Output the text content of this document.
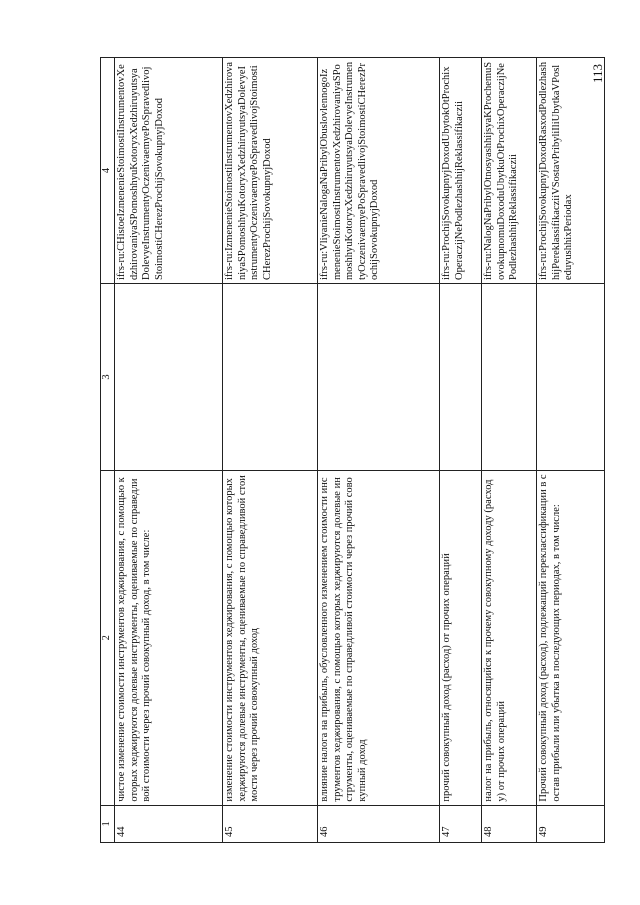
1	2	3	4
44	чистое изменение стоимости инструментов хеджирования, с помощью которых хеджируются долевые инструменты, оцениваемые по справедливой стоимости через прочий совокупный доход, в том числе:		ifrs-ru:CHistoeIzmenenieStoimostiInstrumentovXedzhirovaniyaSPomoshhyuKotoryxXedzhiruyutsyaDolevyeInstrumentyOczenivaemyePoSpravedlivojStoimostiCHerezProchijSovokupnyjDoxod
45	изменение стоимости инструментов хеджирования, с помощью которых хеджируются долевые инструменты, оцениваемые по справедливой стоимости через прочий совокупный доход		ifrs-ru:IzmenenieStoimostiInstrumentovXedzhirovaniyaSPomoshhyuKotoryxXedzhiruyutsyaDolevyeInstrumentyOczenivaemyePoSpravedlivojStoimostiCHerezProchijSovokupnyjDoxod
46	влияние налога на прибыль, обусловленного изменением стоимости инструментов хеджирования, с помощью которых хеджируются долевые инструменты, оцениваемые по справедливой стоимости через прочий совокупный доход		ifrs-ru:VliyanieNalogaNaPribylObuslovlennogoIzmenenieStoimostiInstrumentovXedzhirovaniyaSPomoshhyuKotoryxXedzhiruyutsyaDolevyeInstrumentyOczenivaemyePoSpravedlivojStoimostiCHerezProchijSovokupnyjDoxod
47	прочий совокупный доход (расход) от прочих операций		ifrs-ru:ProchijSovokupnyjDoxodUbytokOtProchixOperaczijNePodlezhashhijReklassifikaczii
48	налог на прибыль, относящийся к прочему совокупному доходу (расходу) от прочих операций		ifrs-ru:NalogNaPribylOtnosyashhijsyaKProchemuSovokupnomuDoxoduUbytkuOtProchixOperaczijNePodlezhashhijReklassifikaczii
49	Прочий совокупный доход (расход), подлежащий переклассификации в состав прибыли или убытка в последующих периодах, в том числе:		ifrs-ru:ProchijSovokupnyjDoxodRasxodPodlezhashhijPereklassifikacziiVSostavPribyliIliUbytkaVPosleduyushhixPeriodax
113
